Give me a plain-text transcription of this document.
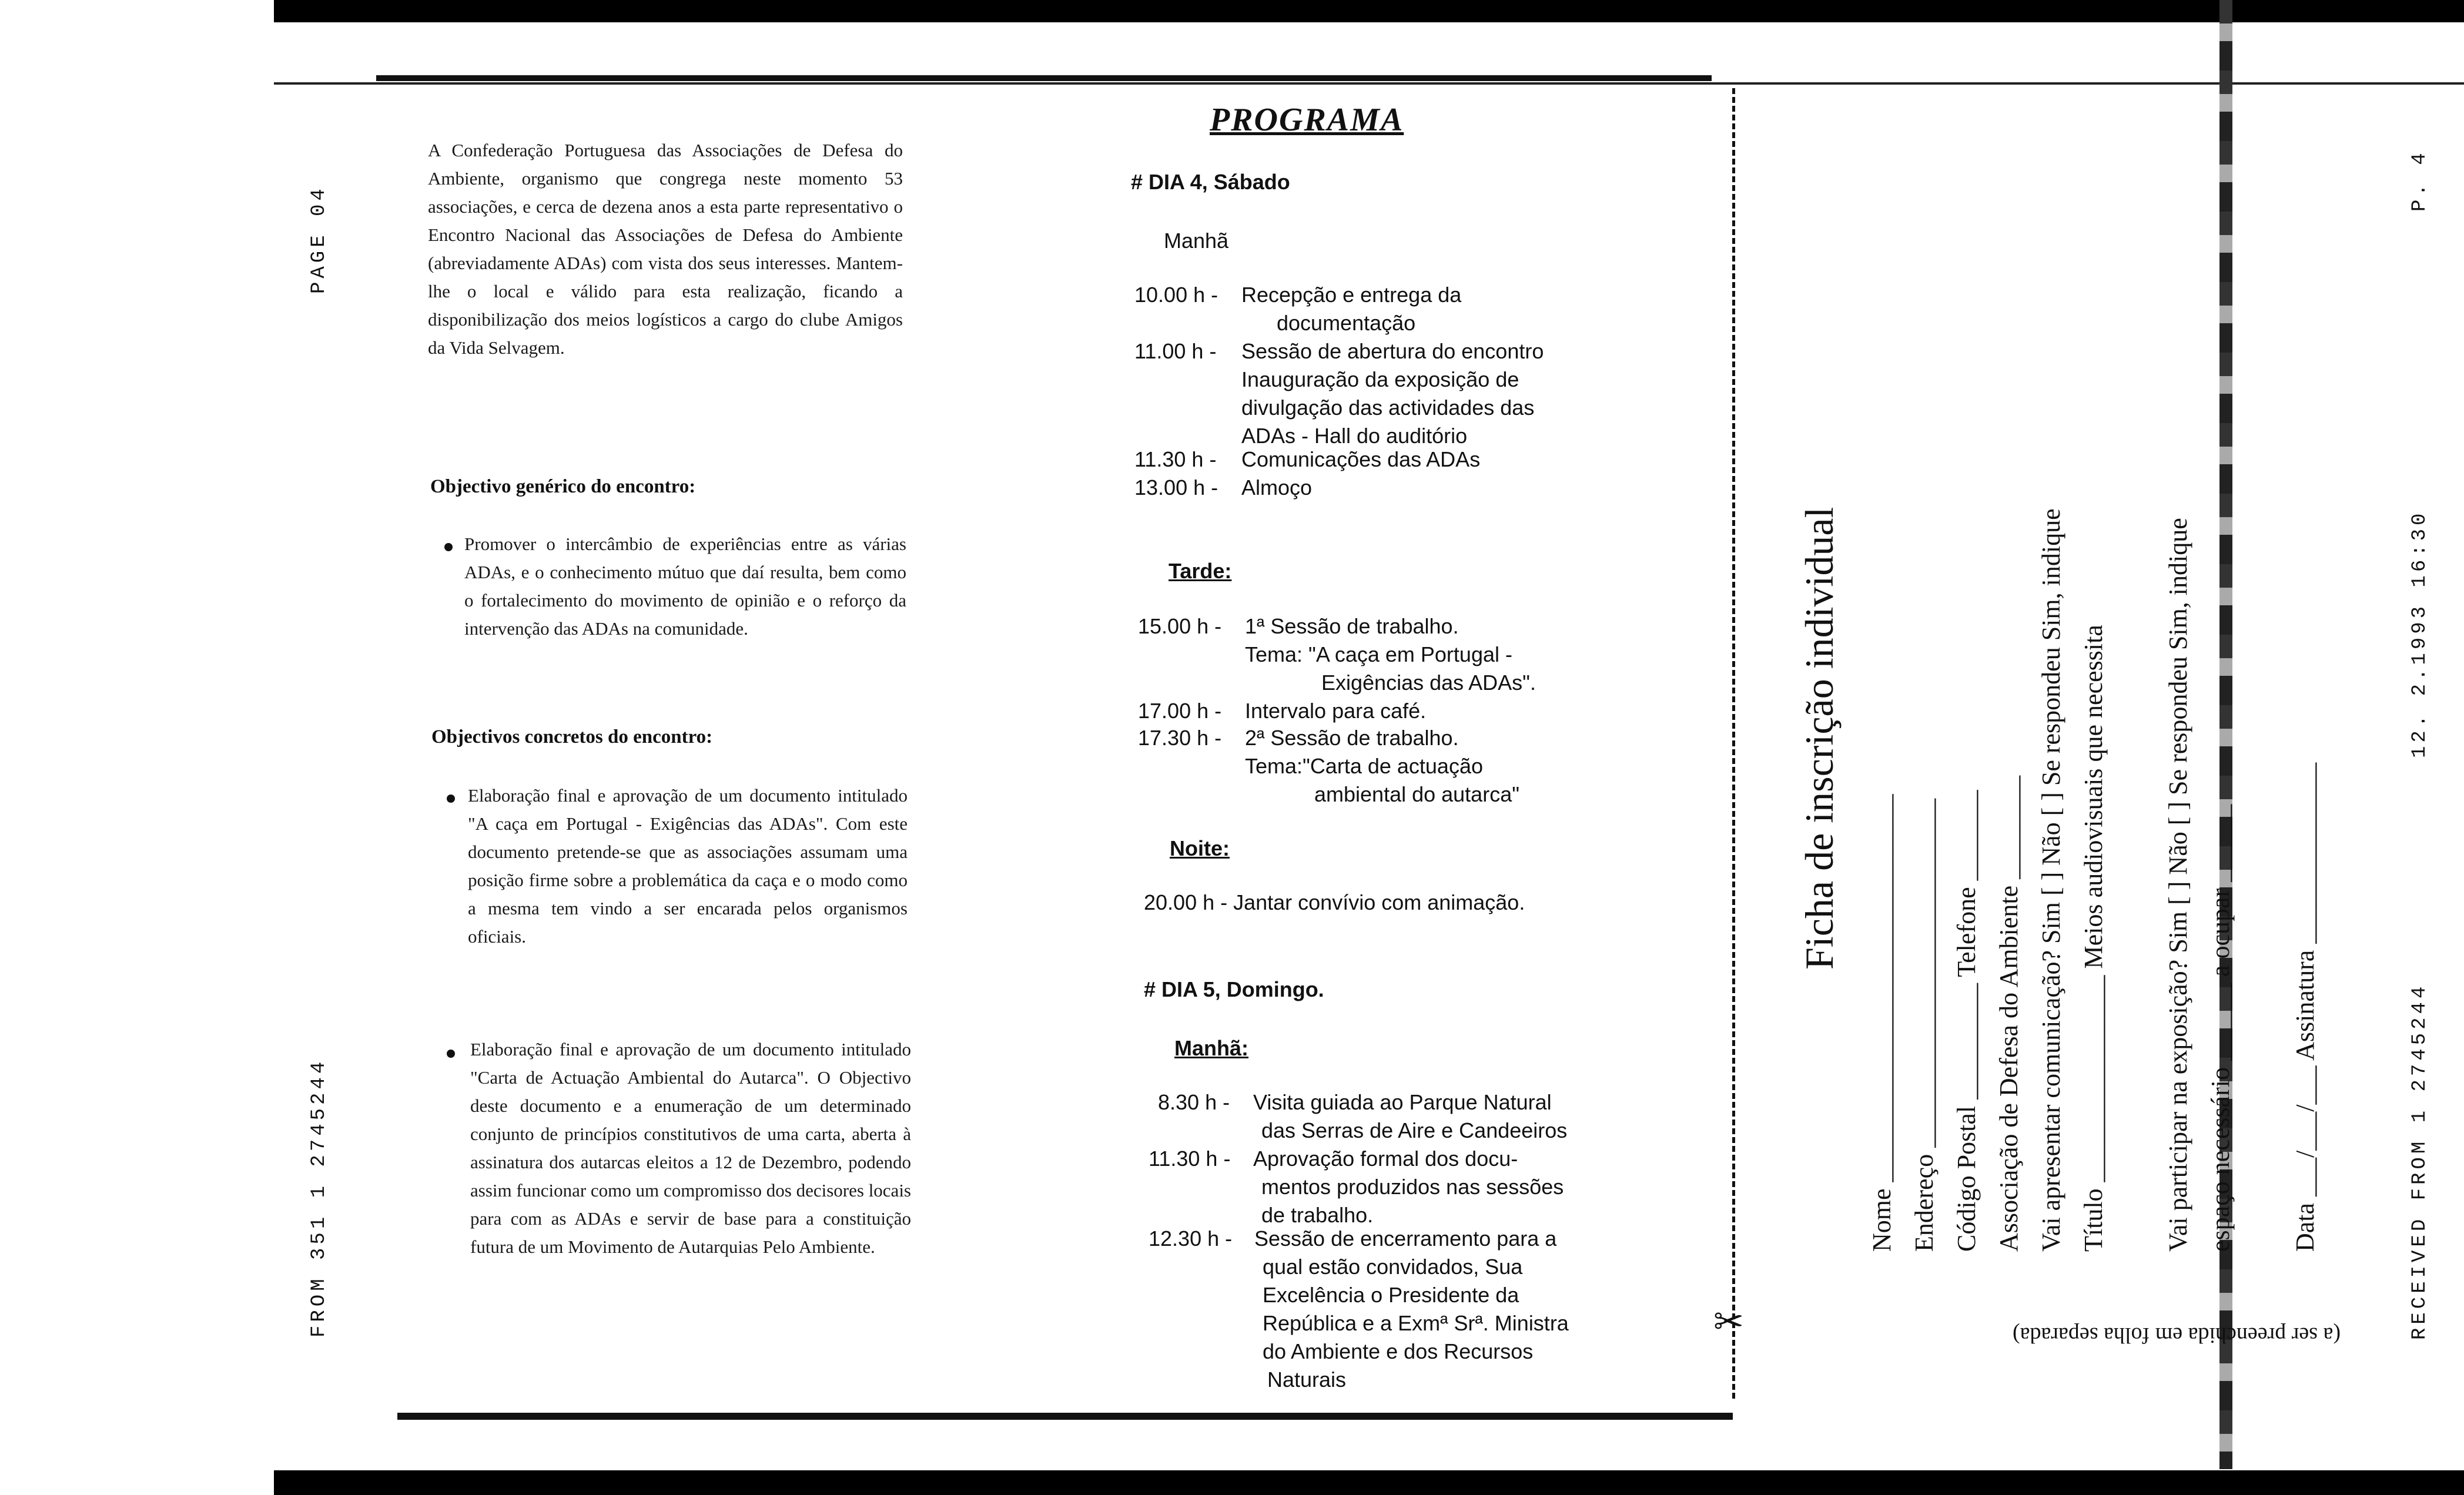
✂
PAGE 04
FROM 351 1 2745244	RECEIVED FROM 1 2745244
12. 2.1993 16:30
P. 4
A Confederação Portuguesa das Associações de Defesa do Ambiente, organismo que congrega neste momento 53 associações, e cerca de dezena anos a esta parte representativo o Encontro Nacional das Associações de Defesa do Ambiente (abreviadamente ADAs) com vista dos seus interesses. Mantem-lhe o local e válido para esta realização, ficando a disponibilização dos meios logísticos a cargo do clube Amigos da Vida Selvagem.
Objectivo genérico do encontro:
Promover o intercâmbio de experiências entre as várias ADAs, e o conhecimento mútuo que daí resulta, bem como o fortalecimento do movimento de opinião e o reforço da intervenção das ADAs na comunidade.
Objectivos concretos do encontro:
Elaboração final e aprovação de um documento intitulado "A caça em Portugal - Exigências das ADAs". Com este documento pretende-se que as associações assumam uma posição firme sobre a problemática da caça e o modo como a mesma tem vindo a ser encarada pelos organismos oficiais.
Elaboração final e aprovação de um documento intitulado "Carta de Actuação Ambiental do Autarca". O Objectivo deste documento e a enumeração de um determinado conjunto de princípios constitutivos de uma carta, aberta à assinatura dos autarcas eleitos a 12 de Dezembro, podendo assim funcionar como um compromisso dos decisores locais para com as ADAs e servir de base para a constituição futura de um Movimento de Autarquias Pelo Ambiente.
PROGRAMA
# DIA 4, Sábado
Manhã
10.00 h - Recepção e entrega da
documentação
11.00 h - Sessão de abertura do encontro
Inauguração da exposição de
divulgação das actividades das
ADAs - Hall do auditório
11.30 h - Comunicações das ADAs
13.00 h - Almoço
Tarde:
15.00 h - 1ª Sessão de trabalho.
Tema: "A caça em Portugal -
Exigências das ADAs".
17.00 h - Intervalo para café.
17.30 h - 2ª Sessão de trabalho.
Tema:"Carta de actuação
ambiental do autarca"
Noite:
20.00 h - Jantar convívio com animação.
# DIA 5, Domingo.
Manhã:
8.30 h - Visita guiada ao Parque Natural
das Serras de Aire e Candeeiros
11.30 h - Aprovação formal dos docu-
mentos produzidos nas sessões
de trabalho.
12.30 h - Sessão de encerramento para a
qual estão convidados, Sua
Excelência o Presidente da
República e a Exmª Srª. Ministra
do Ambiente e dos Recursos
Naturais
Ficha de inscrição individual
Nome ______________________________ Endereço ___________________________ Código Postal _________ Telefone _______ Associação de Defesa do Ambiente ________ Vai apresentar comunicação? Sim [ ] Não [ ] Se respondeu Sim, indique Título ________________ Meios audiovisuais que necessita Vai participar na exposição? Sim [ ] Não [ ] Se respondeu Sim, indique espaço necessário ______ a ocupar ______ Data ___/___/___ Assinatura ______________
(a ser preenchida em folha separada)
